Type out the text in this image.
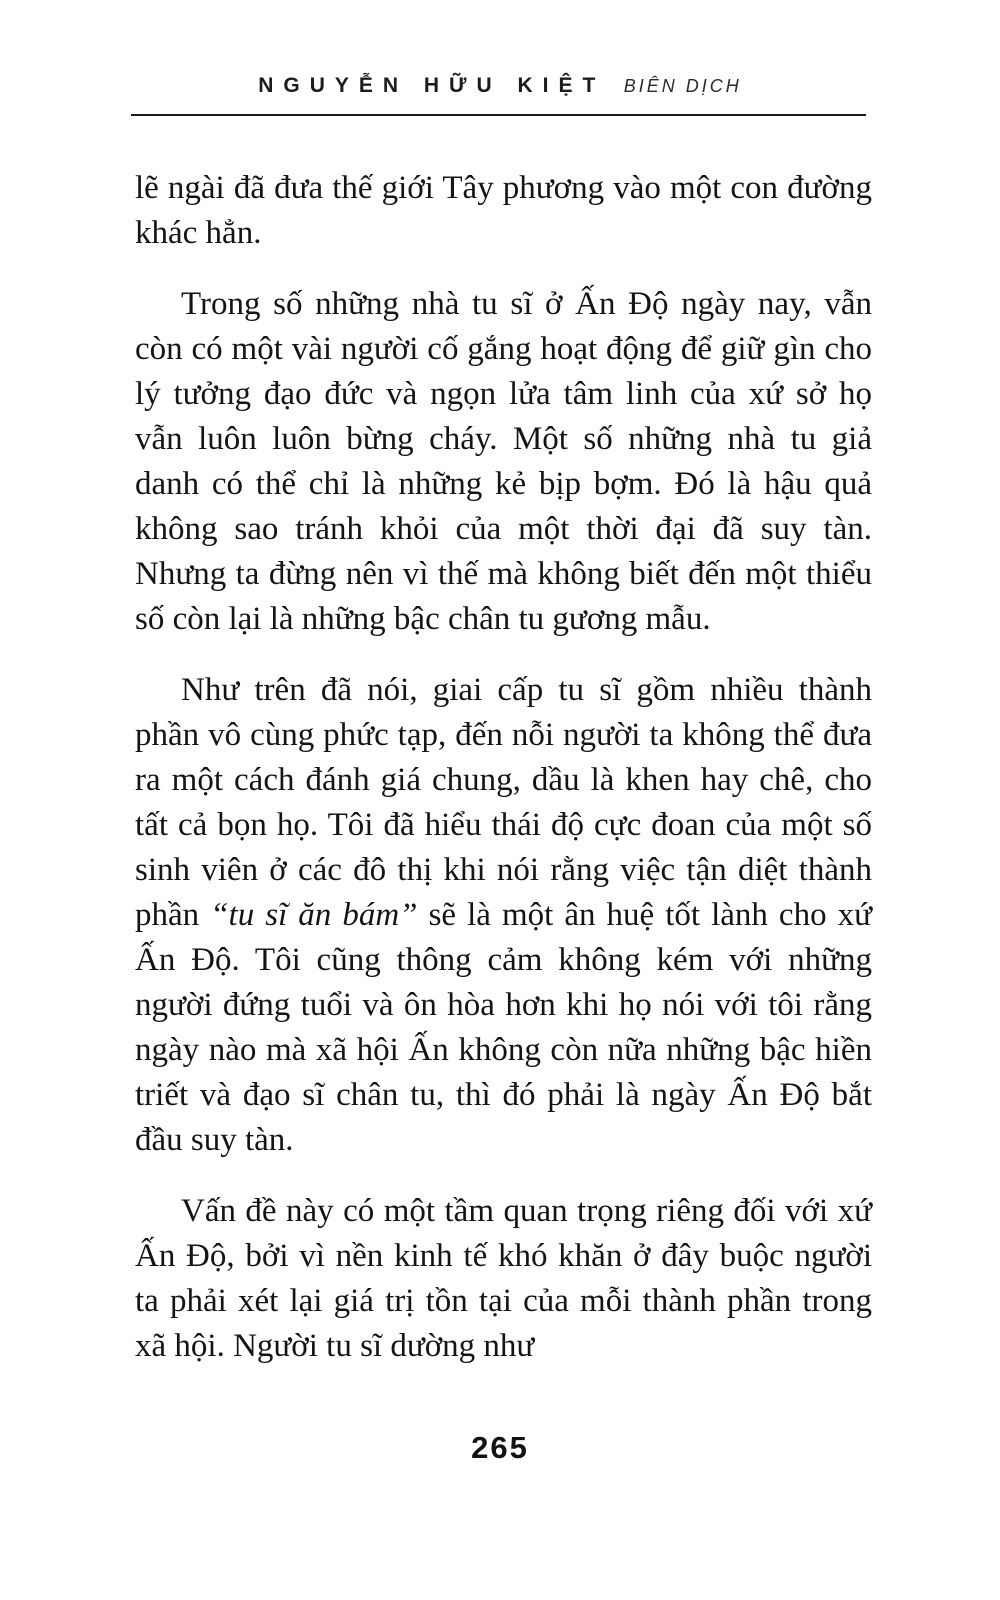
NGUYỄN HỮU KIỆT BIÊN DỊCH

lẽ ngài đã đưa thế giới Tây phương vào một con đường khác hẳn.

Trong số những nhà tu sĩ ở Ấn Độ ngày nay, vẫn còn có một vài người cố gắng hoạt động để giữ gìn cho lý tưởng đạo đức và ngọn lửa tâm linh của xứ sở họ vẫn luôn luôn bừng cháy. Một số những nhà tu giả danh có thể chỉ là những kẻ bịp bợm. Đó là hậu quả không sao tránh khỏi của một thời đại đã suy tàn. Nhưng ta đừng nên vì thế mà không biết đến một thiểu số còn lại là những bậc chân tu gương mẫu.

Như trên đã nói, giai cấp tu sĩ gồm nhiều thành phần vô cùng phức tạp, đến nỗi người ta không thể đưa ra một cách đánh giá chung, dầu là khen hay chê, cho tất cả bọn họ. Tôi đã hiểu thái độ cực đoan của một số sinh viên ở các đô thị khi nói rằng việc tận diệt thành phần “tu sĩ ăn bám” sẽ là một ân huệ tốt lành cho xứ Ấn Độ. Tôi cũng thông cảm không kém với những người đứng tuổi và ôn hòa hơn khi họ nói với tôi rằng ngày nào mà xã hội Ấn không còn nữa những bậc hiền triết và đạo sĩ chân tu, thì đó phải là ngày Ấn Độ bắt đầu suy tàn.

Vấn đề này có một tầm quan trọng riêng đối với xứ Ấn Độ, bởi vì nền kinh tế khó khăn ở đây buộc người ta phải xét lại giá trị tồn tại của mỗi thành phần trong xã hội. Người tu sĩ dường như

265
